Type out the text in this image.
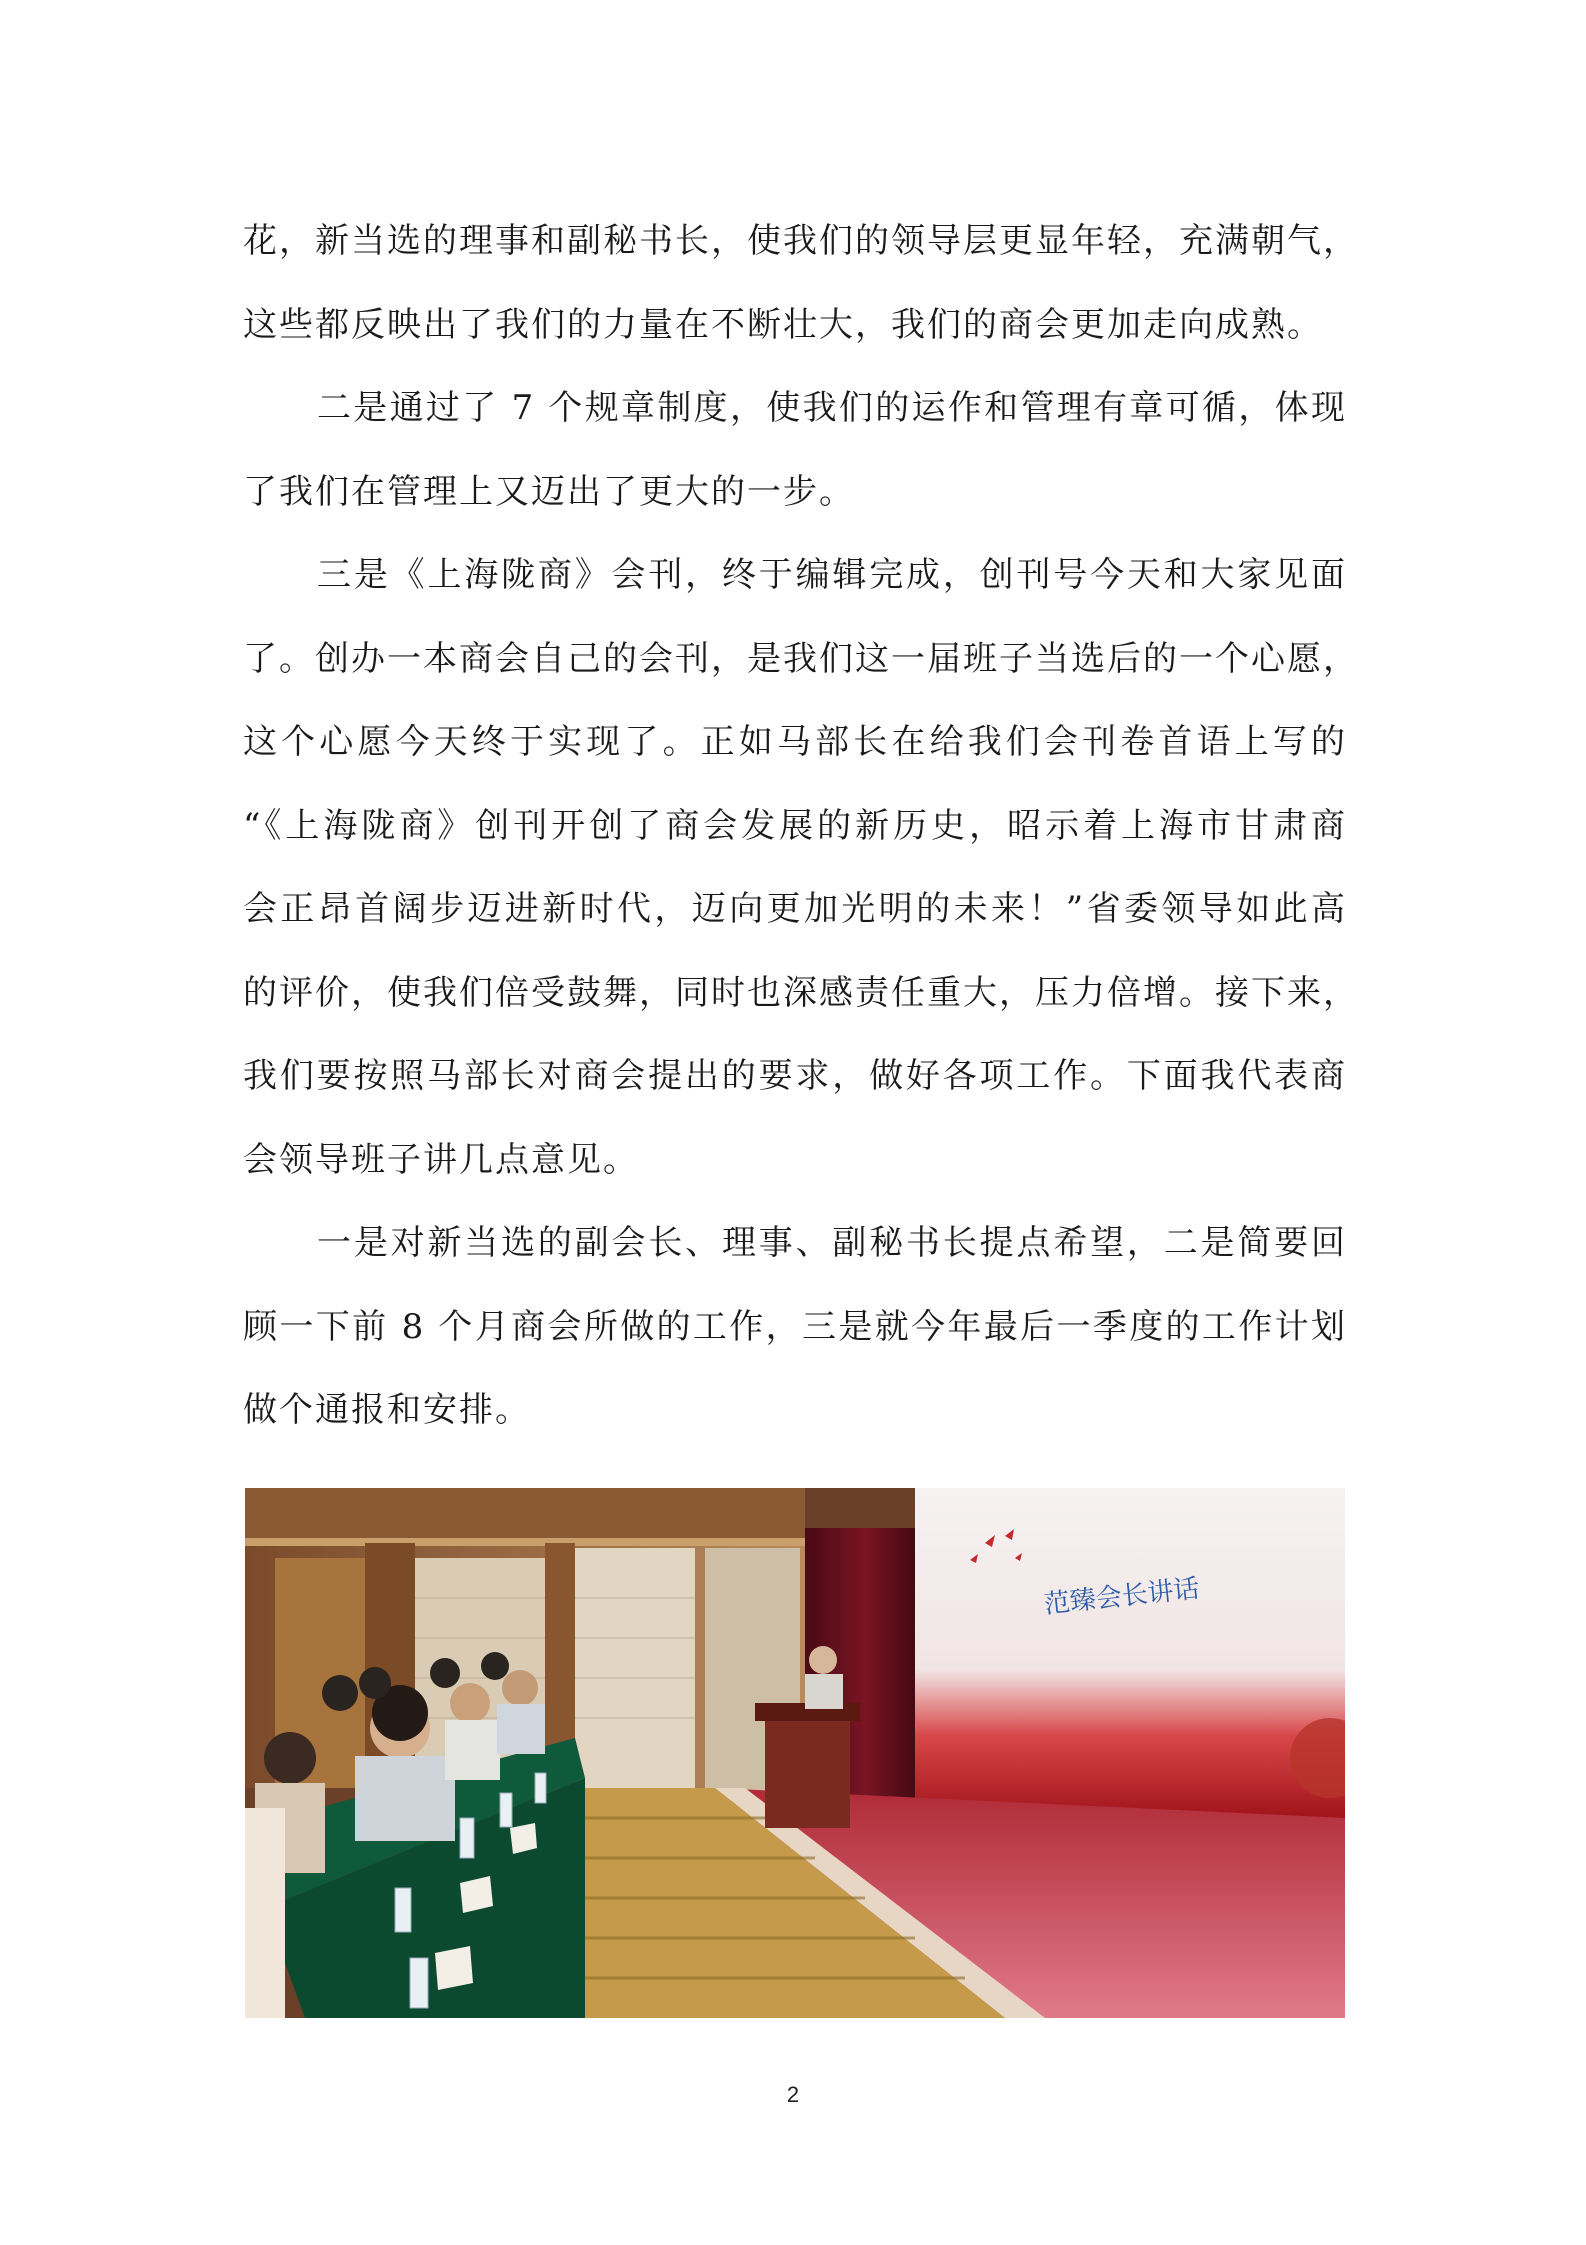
花，新当选的理事和副秘书长，使我们的领导层更显年轻，充满朝气，
这些都反映出了我们的力量在不断壮大，我们的商会更加走向成熟。
二是通过了 7 个规章制度，使我们的运作和管理有章可循，体现
了我们在管理上又迈出了更大的一步。
三是《上海陇商》会刊，终于编辑完成，创刊号今天和大家见面
了。创办一本商会自己的会刊，是我们这一届班子当选后的一个心愿，
这个心愿今天终于实现了。正如马部长在给我们会刊卷首语上写的
“《上海陇商》创刊开创了商会发展的新历史，昭示着上海市甘肃商
会正昂首阔步迈进新时代，迈向更加光明的未来！”省委领导如此高
的评价，使我们倍受鼓舞，同时也深感责任重大，压力倍增。接下来，
我们要按照马部长对商会提出的要求，做好各项工作。下面我代表商
会领导班子讲几点意见。
一是对新当选的副会长、理事、副秘书长提点希望，二是简要回
顾一下前 8 个月商会所做的工作，三是就今年最后一季度的工作计划
做个通报和安排。
范臻会长讲话
2
